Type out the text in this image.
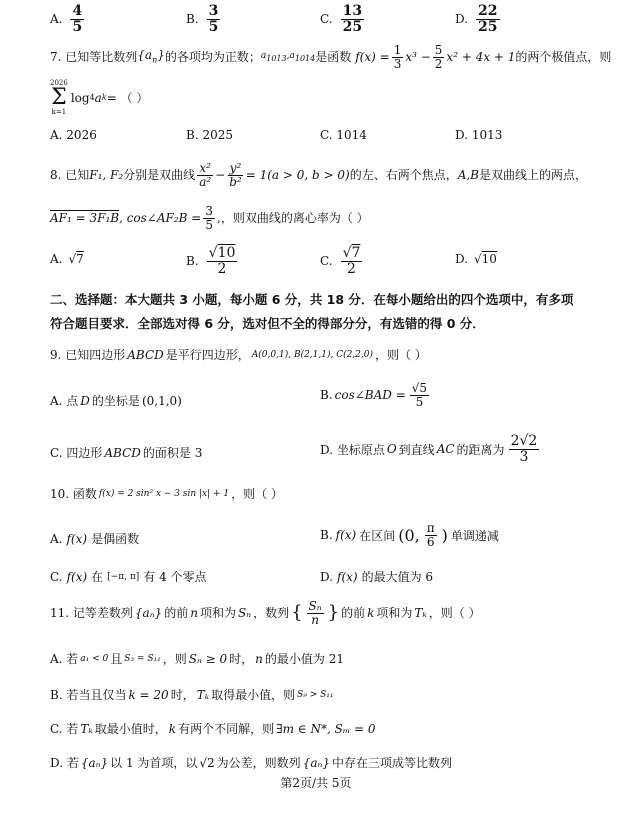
A. $\frac{4}{5}$	B. $\frac{3}{5}$	C. $\frac{13}{25}$	D. $\frac{22}{25}$
7. 已知等比数列 $\{a_n\}$ 的各项均为正数； $a_{1013},a_{1014}$ 是函数 $f(x) = \frac{1}{3} x^3 - \frac{5}{2} x^2 + 4x + 1$ 的两个极值点，则
2026
Σ
k=1
log 4 a k = （ ）
A. 2026	B. 2025	C. 1014	D. 1013
8. 已知 F₁, F₂ 分别是双曲线 $\frac{\text{x²}}{\text{a²}} - \frac{\text{y²}}{\text{b²}} = 1(a > 0$, b > 0) 的左、右两个焦点， A,B 是双曲线上的两点，
AF₁ = 3F₁B , cos∠AF₂B = $\frac{3}{5}$ ,，则双曲线的离心率为（ ）
A. √7	B. $\frac{√10}{2}$	C. $\frac{√7}{2}$	D. √10
二、选择题：本大题共 3 小题，每小题 6 分，共 18 分．在每小题给出的四个选项中，有多项
符合题目要求．全部选对得 6 分，选对但不全的得部分分，有选错的得 0 分．
9. 已知四边形 ABCD 是平行四边形， A(0,0,1), B(2,1,1), C(2,2,0) ，则（ ）
A. 点 D 的坐标是 (0,1,0)	B. cos∠BAD = $\frac{√5}{5}$
C. 四边形 ABCD 的面积是 3	D. 坐标原点 O 到直线 AC 的距离为 $\frac{2√2}{3}$
10. 函数 f(x) = 2 sin² x − 3 sin |x| + 1 ，则（ ）
A. f(x) 是偶函数	B. f(x) 在区间 (0, $\frac{\pi}{6}$ ) 单调递减
C. f(x) 在 [−π, π] 有 4 个零点	D. f(x) 的最大值为 6
11. 记等差数列 {aₙ} 的前 n 项和为 Sₙ ，数列 { $\frac{\text{Sₙ}}{n}$ } 的前 k 项和为 Tₖ ，则（ ）
A. 若 a₁ < 0 且 S₃ = S₁₁ ，则 Sₙ ≥ 0 时， n 的最小值为 21
B. 若当且仅当 k = 20 时， Tₖ 取得最小值，则 S₉ > S₁₁
C. 若 Tₖ 取最小值时， k 有两个不同解，则 ∃m ∈ N*, Sₘ = 0
D. 若 {aₙ} 以 1 为首项，以 √2 为公差，则数列 {aₙ} 中存在三项成等比数列
第2页/共 5页
